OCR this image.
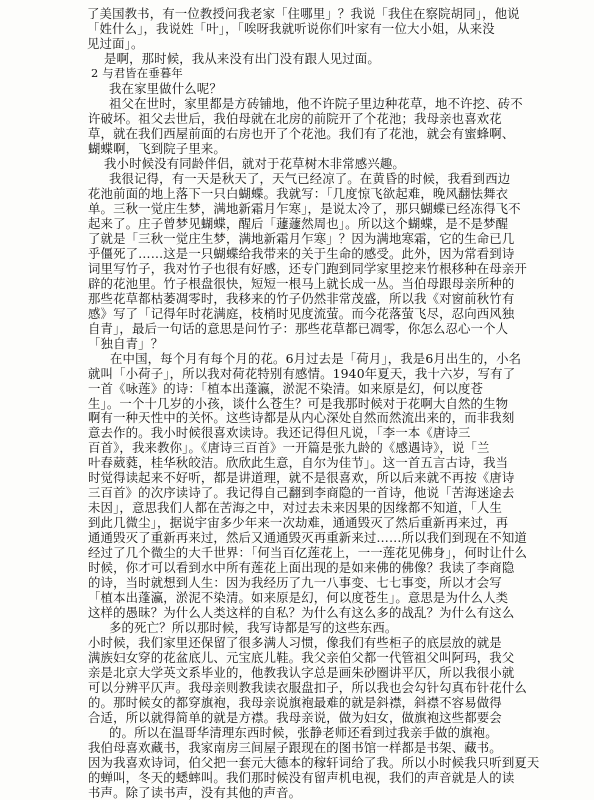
了美国教书，有一位教授问我老家「住哪里」？我说「我住在察院胡同」，他说
「姓什么」，我说姓「叶」，「唉呀我就听说你们叶家有一位大小姐，从来没
见过面」。
是啊，那时候，我从来没有出门没有跟人见过面。
2 与君皆在垂暮年
我在家里做什么呢？
祖父在世时，家里都是方砖铺地，他不许院子里边种花草，地不许挖、砖不
许破坏。祖父去世后，我伯母就在北房的前院开了个花池；我母亲也喜欢花
草，就在我们西屋前面的右房也开了个花池。我们有了花池，就会有蜜蜂啊、
蝴蝶啊，飞到院子里来。
我小时候没有同龄伴侣，就对于花草树木非常感兴趣。
我很记得，有一天是秋天了，天气已经凉了。在黄昏的时候，我看到西边
花池前面的地上落下一只白蝴蝶。我就写：「几度惊飞欲起难，晚风翻怯舞衣
单。三秋一觉庄生梦，满地新霜月乍寒」，是说太冷了，那只蝴蝶已经冻得飞不
起来了。庄子曾梦见蝴蝶，醒后「蘧蘧然周也」。所以这个蝴蝶，是不是梦醒
了就是「三秋一觉庄生梦，满地新霜月乍寒」？因为满地寒霜，它的生命已几
乎僵死了……这是一只蝴蝶给我带来的关于生命的感受。此外，因为常看到诗
词里写竹子，我对竹子也很有好感，还专门跑到同学家里挖来竹根移种在母亲开
辟的花池里。竹子根盘很快，短短一根马上就长成一丛。当伯母跟母亲所种的
那些花草都枯萎凋零时，我移来的竹子仍然非常茂盛，所以我《对窗前秋竹有
感》写了「记得年时花满庭，枝梢时见度流萤。而今花落萤飞尽，忍向西风独
自青」，最后一句话的意思是问竹子：那些花草都已凋零，你怎么忍心一个人
「独自青」？
在中国，每个月有每个月的花。6月过去是「荷月」，我是6月出生的，小名
就叫「小荷子」，所以我对荷花特别有感情。1940年夏天，我十六岁，写有了
一首《咏莲》的诗：「植本出蓬瀛，淤泥不染清。如来原是幻，何以度苍
生」。一个十几岁的小孩，谈什么苍生？可是我那时候对于花啊大自然的生物
啊有一种天性中的关怀。这些诗都是从内心深处自然而然流出来的，而非我刻
意去作的。我小时候很喜欢读诗。我还记得但凡说，「李一本《唐诗三
百首》，我来教你」。《唐诗三百首》一开篇是张九龄的《感遇诗》，说「兰
叶春葳蕤，桂华秋皎洁。欣欣此生意，自尔为佳节」。这一首五言古诗，我当
时觉得读起来不好听，都是讲道理，就不是很喜欢，所以后来就不再按《唐诗
三百首》的次序读诗了。我记得自己翻到李商隐的一首诗，他说「苦海迷途去
未因」，意思我们人都在苦海之中，对过去未来因果的因缘都不知道，「人生
到此几微尘」，据说宇宙多少年来一次劫难，通通毁灭了然后重新再来过，再
通通毁灭了重新再来过，然后又通通毁灭再重新来过……所以我们到现在不知道
经过了几个微尘的大千世界：「何当百亿莲花上，一一莲花见佛身」，何时让什么
时候，你才可以看到水中所有莲花上面出现的是如来佛的佛像？我读了李商隐
的诗，当时就想到人生：因为我经历了九一八事变、七七事变，所以才会写
「植本出蓬瀛，淤泥不染清。如来原是幻，何以度苍生」。意思是为什么人类
这样的愚昧？为什么人类这样的自私？为什么有这么多的战乱？为什么有这么
多的死亡？所以那时候，我写诗都是写的这些东西。
小时候，我们家里还保留了很多满人习惯，像我们有些柜子的底层放的就是
满族妇女穿的花盆底儿、元宝底儿鞋。我父亲伯父都一代管祖父叫阿玛，我父
亲是北京大学英文系毕业的，他教我认字总是画朱砂圈讲平仄，所以我很小就
可以分辨平仄声。我母亲则教我读衣服盘扣子，所以我也会勾针勾真布针花什么
的。那时候女的都穿旗袍，我母亲说旗袍最难的就是斜襟，斜襟不容易做得
合适，所以就得简单的就是方襟。我母亲说，做为妇女，做旗袍这些都要会
的。所以在温哥华清理东西时候，张静老师还看到过我亲手做的旗袍。
我伯母喜欢藏书，我家南房三间屋子跟现在的图书馆一样都是书架、藏书。
因为我喜欢诗词，伯父把一套元大德本的稼轩词给了我。所以小时候我只听到夏天
的蝉叫，冬天的蟋蟀叫。我们那时候没有留声机电视，我们的声音就是人的读
书声。除了读书声，没有其他的声音。
